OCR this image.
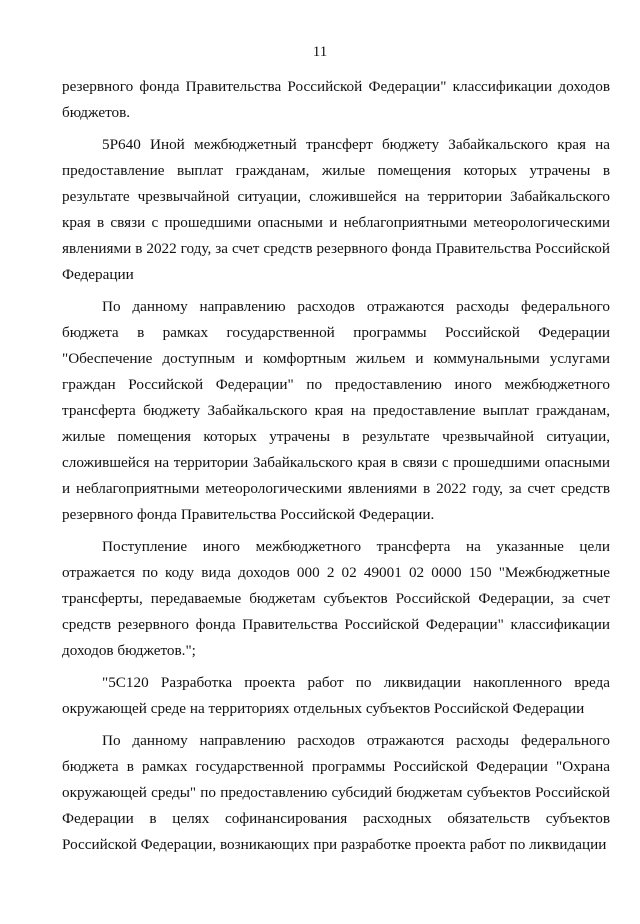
11

резервного фонда Правительства Российской Федерации" классификации доходов бюджетов.

5Р640 Иной межбюджетный трансферт бюджету Забайкальского края на предоставление выплат гражданам, жилые помещения которых утрачены в результате чрезвычайной ситуации, сложившейся на территории Забайкальского края в связи с прошедшими опасными и неблагоприятными метеорологическими явлениями в 2022 году, за счет средств резервного фонда Правительства Российской Федерации

По данному направлению расходов отражаются расходы федерального бюджета в рамках государственной программы Российской Федерации "Обеспечение доступным и комфортным жильем и коммунальными услугами граждан Российской Федерации" по предоставлению иного межбюджетного трансферта бюджету Забайкальского края на предоставление выплат гражданам, жилые помещения которых утрачены в результате чрезвычайной ситуации, сложившейся на территории Забайкальского края в связи с прошедшими опасными и неблагоприятными метеорологическими явлениями в 2022 году, за счет средств резервного фонда Правительства Российской Федерации.

Поступление иного межбюджетного трансферта на указанные цели отражается по коду вида доходов 000 2 02 49001 02 0000 150 "Межбюджетные трансферты, передаваемые бюджетам субъектов Российской Федерации, за счет средств резервного фонда Правительства Российской Федерации" классификации доходов бюджетов.";

"5С120 Разработка проекта работ по ликвидации накопленного вреда окружающей среде на территориях отдельных субъектов Российской Федерации

По данному направлению расходов отражаются расходы федерального бюджета в рамках государственной программы Российской Федерации "Охрана окружающей среды" по предоставлению субсидий бюджетам субъектов Российской Федерации в целях софинансирования расходных обязательств субъектов Российской Федерации, возникающих при разработке проекта работ по ликвидации
